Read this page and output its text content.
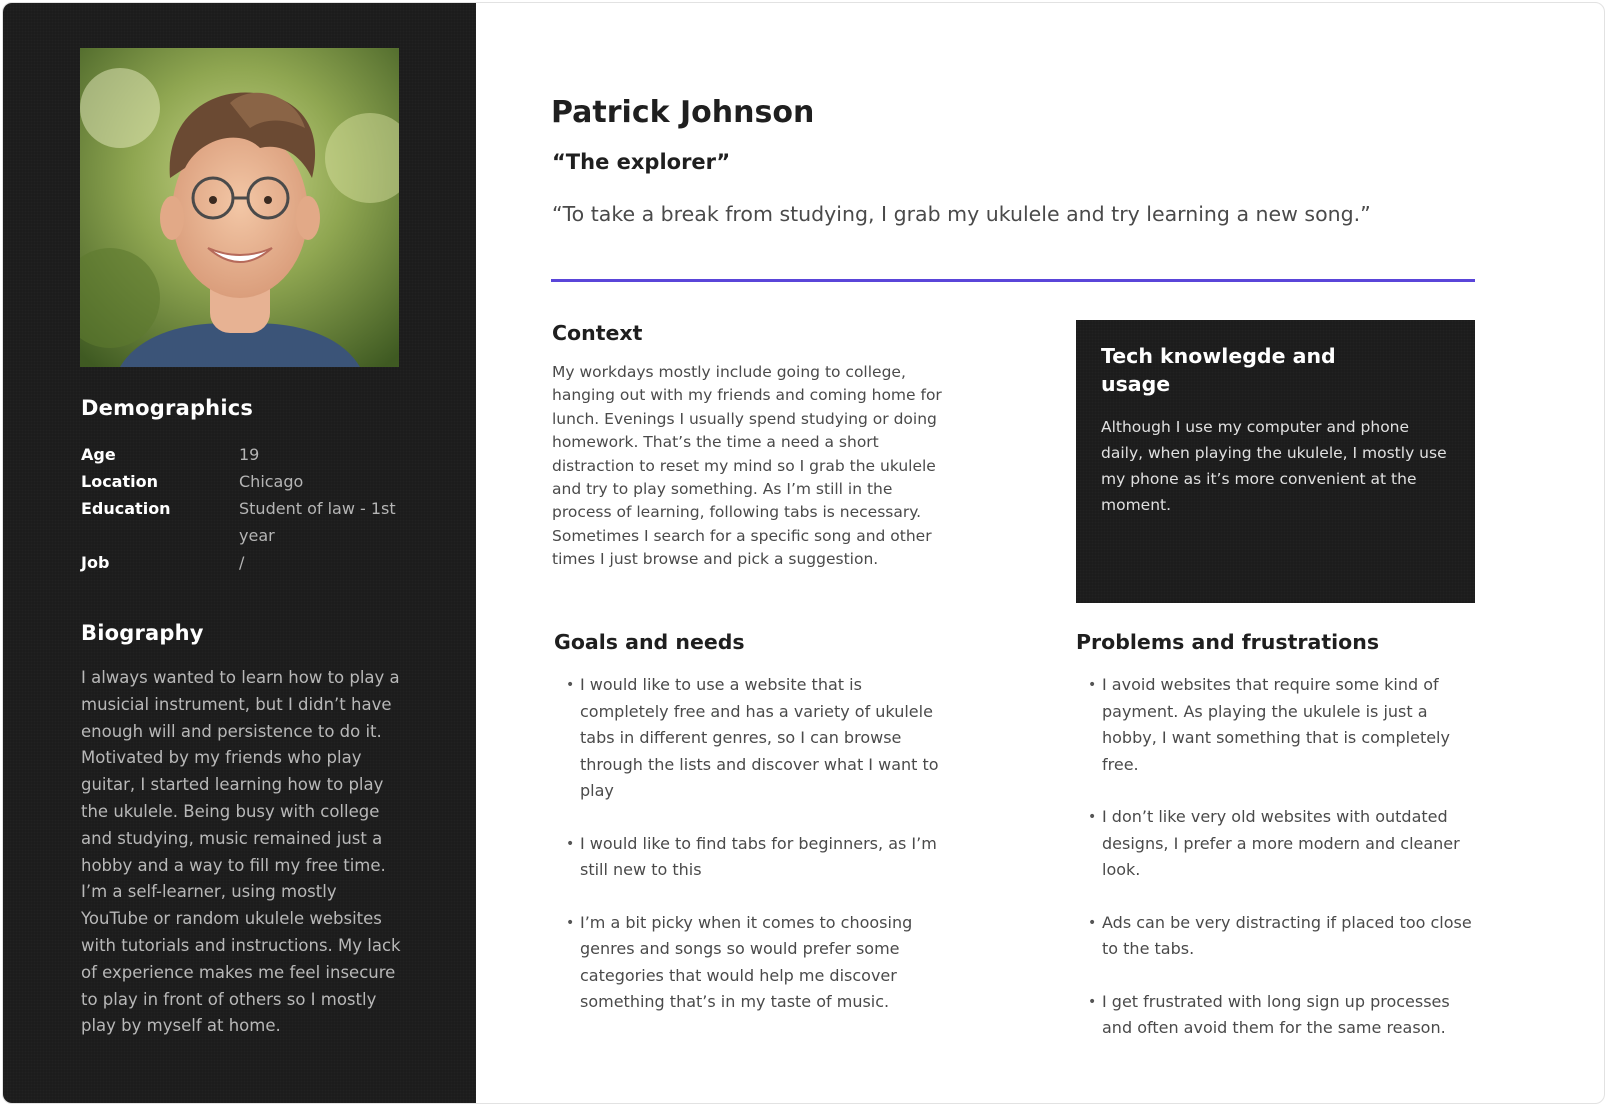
Demographics
Age	19
Location	Chicago
Education	Student of law - 1st year
Job	/
Biography
I always wanted to learn how to play a musicial instrument, but I didn’t have enough will and persistence to do it. Motivated by my friends who play guitar, I started learning how to play the ukulele. Being busy with college and studying, music remained just a hobby and a way to fill my free time. I’m a self-learner, using mostly YouTube or random ukulele websites with tutorials and instructions. My lack of experience makes me feel insecure to play in front of others so I mostly play by myself at home.
Patrick Johnson
“The explorer”
“To take a break from studying, I grab my ukulele and try learning a new song.”
Context
My workdays mostly include going to college, hanging out with my friends and coming home for lunch. Evenings I usually spend studying or doing homework. That’s the time a need a short distraction to reset my mind so I grab the ukulele and try to play something. As I’m still in the process of learning, following tabs is necessary. Sometimes I search for a specific song and other times I just browse and pick a suggestion.
Tech knowlegde and usage
Although I use my computer and phone daily, when playing the ukulele, I mostly use my phone as it’s more convenient at the moment.
Goals and needs
• I would like to use a website that is completely free and has a variety of ukulele tabs in different genres, so I can browse through the lists and discover what I want to play
• I would like to find tabs for beginners, as I’m still new to this
• I’m a bit picky when it comes to choosing genres and songs so would prefer some categories that would help me discover something that’s in my taste of music.
Problems and frustrations
• I avoid websites that require some kind of payment. As playing the ukulele is just a hobby, I want something that is completely free.
• I don’t like very old websites with outdated designs, I prefer a more modern and cleaner look.
• Ads can be very distracting if placed too close to the tabs.
• I get frustrated with long sign up processes and often avoid them for the same reason.
